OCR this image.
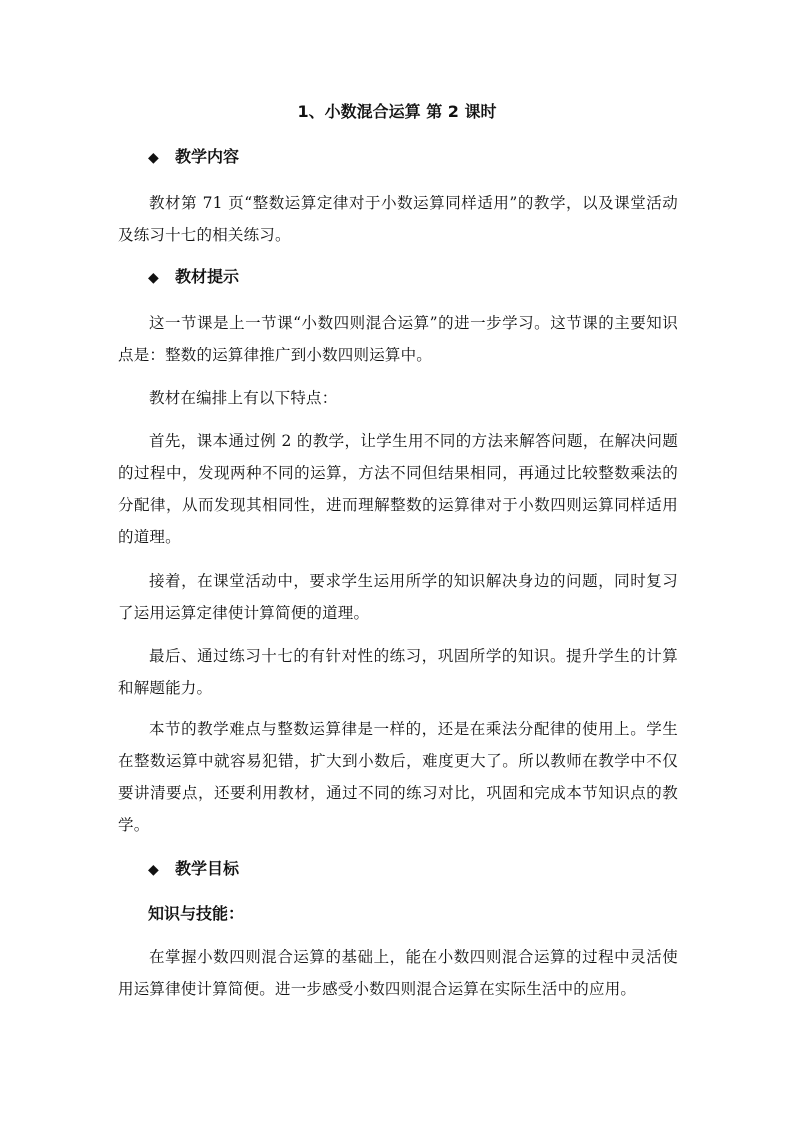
1、小数混合运算 第 2 课时
◆ 教学内容

教材第 71 页“整数运算定律对于小数运算同样适用”的教学，以及课堂活动及练习十七的相关练习。

◆ 教材提示

这一节课是上一节课“小数四则混合运算”的进一步学习。这节课的主要知识点是：整数的运算律推广到小数四则运算中。

教材在编排上有以下特点：

首先，课本通过例 2 的教学，让学生用不同的方法来解答问题，在解决问题的过程中，发现两种不同的运算，方法不同但结果相同，再通过比较整数乘法的分配律，从而发现其相同性，进而理解整数的运算律对于小数四则运算同样适用的道理。

接着，在课堂活动中，要求学生运用所学的知识解决身边的问题，同时复习了运用运算定律使计算简便的道理。

最后、通过练习十七的有针对性的练习，巩固所学的知识。提升学生的计算和解题能力。

本节的教学难点与整数运算律是一样的，还是在乘法分配律的使用上。学生在整数运算中就容易犯错，扩大到小数后，难度更大了。所以教师在教学中不仅要讲清要点，还要利用教材，通过不同的练习对比，巩固和完成本节知识点的教学。

◆ 教学目标
知识与技能：

在掌握小数四则混合运算的基础上，能在小数四则混合运算的过程中灵活使用运算律使计算简便。进一步感受小数四则混合运算在实际生活中的应用。
